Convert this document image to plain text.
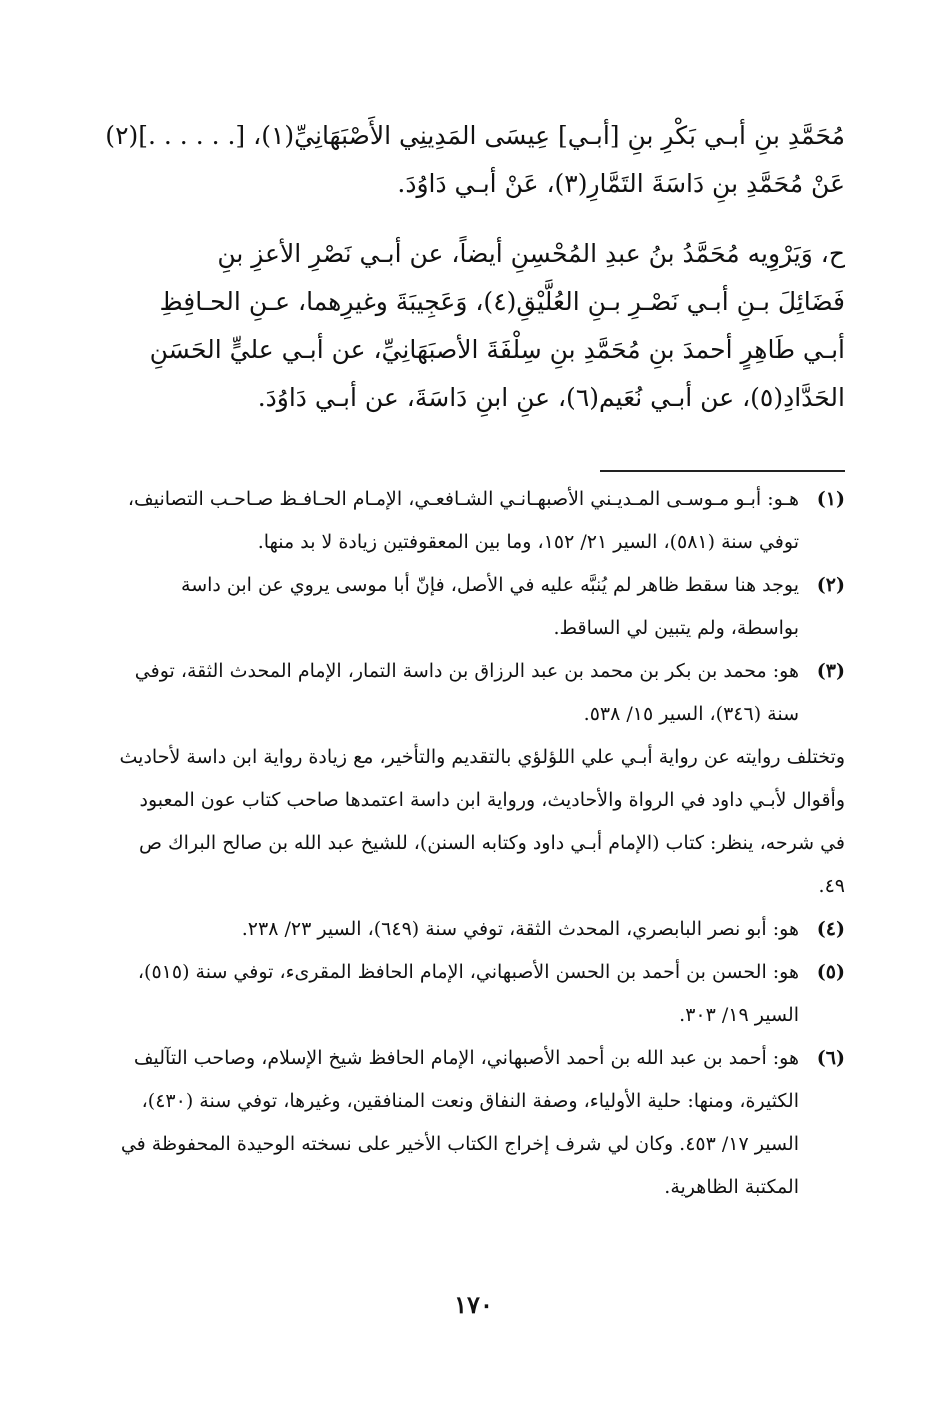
مُحَمَّدِ بنِ أبـي بَكْرِ بنِ [أبـي] عِيسَى المَدِينِي الأَصْبَهَانِيِّ(١)، [. . . . . .](٢)
عَنْ مُحَمَّدِ بنِ دَاسَةَ التَمَّارِ(٣)، عَنْ أبـي دَاوُدَ.

ح، وَيَرْوِيه مُحَمَّدُ بنُ عبدِ المُحْسِنِ أيضاً، عن أبـي نَصْرِ الأعزِ بنِ
فَضَائِلَ بـنِ أبـي نَصْـرِ بـنِ العُلَّيْقِ(٤)، وَعَجِيبَةَ وغيرِهما، عـنِ الحـافِظِ
أبـي طَاهِرٍ أحمدَ بنِ مُحَمَّدِ بنِ سِلْفَةَ الأصبَهَانِيِّ، عن أبـي عليٍّ الحَسَنِ
الحَدَّادِ(٥)، عن أبـي نُعَيم(٦)، عنِ ابنِ دَاسَةَ، عن أبـي دَاوُدَ.

(١)
هـو: أبـو مـوسـى المـديـني الأصبهـانـي الشـافعـي، الإمـام الحـافـظ صـاحـب التصانيف، توفي سنة (٥٨١)، السير ٢١/ ١٥٢، وما بين المعقوفتين زيادة لا بد منها.
(٢)
يوجد هنا سقط ظاهر لم يُنبَّه عليه في الأصل، فإنّ أبا موسى يروي عن ابن داسة بواسطة، ولم يتبين لي الساقط.
(٣)
هو: محمد بن بكر بن محمد بن عبد الرزاق بن داسة التمار، الإمام المحدث الثقة، توفي سنة (٣٤٦)، السير ١٥/ ٥٣٨.
وتختلف روايته عن رواية أبـي علي اللؤلؤي بالتقديم والتأخير، مع زيادة رواية ابن داسة لأحاديث وأقوال لأبـي داود في الرواة والأحاديث، ورواية ابن داسة اعتمدها صاحب كتاب عون المعبود في شرحه، ينظر: كتاب (الإمام أبـي داود وكتابه السنن)، للشيخ عبد الله بن صالح البراك ص ٤٩.
(٤)
هو: أبو نصر البابصري، المحدث الثقة، توفي سنة (٦٤٩)، السير ٢٣/ ٢٣٨.
(٥)
هو: الحسن بن أحمد بن الحسن الأصبهاني، الإمام الحافظ المقرىء، توفي سنة (٥١٥)، السير ١٩/ ٣٠٣.
(٦)
هو: أحمد بن عبد الله بن أحمد الأصبهاني، الإمام الحافظ شيخ الإسلام، وصاحب التآليف الكثيرة، ومنها: حلية الأولياء، وصفة النفاق ونعت المنافقين، وغيرها، توفي سنة (٤٣٠)، السير ١٧/ ٤٥٣. وكان لي شرف إخراج الكتاب الأخير على نسخته الوحيدة المحفوظة في المكتبة الظاهرية.
١٧٠
